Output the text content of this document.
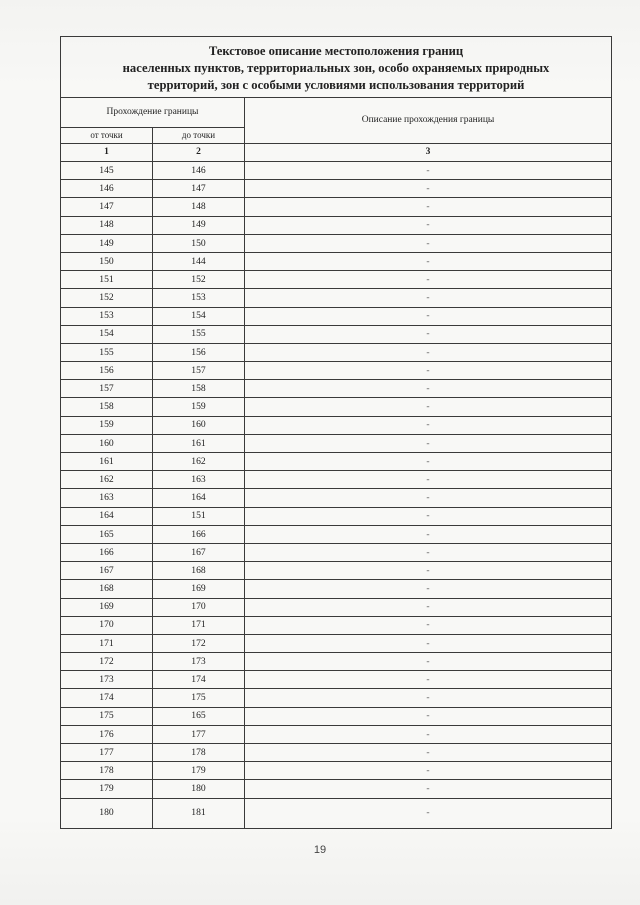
Текстовое описание местоположения границ
населенных пунктов, территориальных зон, особо охраняемых природных
территорий, зон с особыми условиями использования территорий		

Прохождение границы		Описание прохождения границы
от точки	до точки	
1	2	3
145	146	-
146	147	-
147	148	-
148	149	-
149	150	-
150	144	-
151	152	-
152	153	-
153	154	-
154	155	-
155	156	-
156	157	-
157	158	-
158	159	-
159	160	-
160	161	-
161	162	-
162	163	-
163	164	-
164	151	-
165	166	-
166	167	-
167	168	-
168	169	-
169	170	-
170	171	-
171	172	-
172	173	-
173	174	-
174	175	-
175	165	-
176	177	-
177	178	-
178	179	-
179	180	-
180	181	-
19
